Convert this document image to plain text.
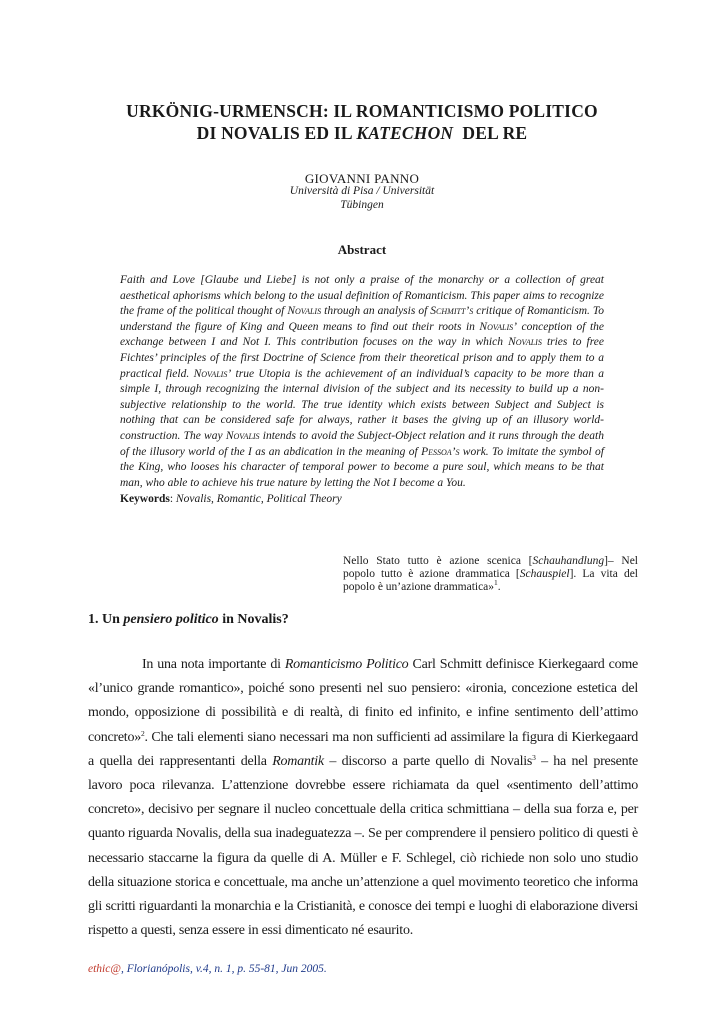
URKÖNIG-URMENSCH: IL ROMANTICISMO POLITICO
DI NOVALIS ED IL KATECHON  DEL RE
GIOVANNI PANNO
Università di Pisa / Universität
Tübingen
Abstract
Faith and Love [Glaube und Liebe] is not only a praise of the monarchy or a collection of great aesthetical aphorisms which belong to the usual definition of Romanticism. This paper aims to recognize the frame of the political thought of Novalis through an analysis of Schmitt’s critique of Romanticism. To understand the figure of King and Queen means to find out their roots in Novalis’ conception of the exchange between I and Not I. This contribution focuses on the way in which Novalis tries to free Fichtes’ principles of the first Doctrine of Science from their theoretical prison and to apply them to a practical field. Novalis’ true Utopia is the achievement of an individual’s capacity to be more than a simple I, through recognizing the internal division of the subject and its necessity to build up a non-subjective relationship to the world. The true identity which exists between Subject and Subject is nothing that can be considered safe for always, rather it bases the giving up of an illusory world-construction. The way Novalis intends to avoid the Subject-Object relation and it runs through the death of the illusory world of the I as an abdication in the meaning of Pessoa’s work. To imitate the symbol of the King, who looses his character of temporal power to become a pure soul, which means to be that man, who able to achieve his true nature by letting the Not I become a You.
Keywords: Novalis, Romantic, Political Theory
Nello Stato tutto è azione scenica [Schauhandlung]– Nel popolo tutto è azione drammatica [Schauspiel]. La vita del popolo è un’azione drammatica»$^1$.
1. Un pensiero politico in Novalis?
In una nota importante di Romanticismo Politico Carl Schmitt definisce Kierkegaard come «l’unico grande romantico», poiché sono presenti nel suo pensiero: «ironia, concezione estetica del mondo, opposizione di possibilità e di realtà, di finito ed infinito, e infine sentimento dell’attimo concreto»$^2$. Che tali elementi siano necessari ma non sufficienti ad assimilare la figura di Kierkegaard a quella dei rappresentanti della Romantik – discorso a parte quello di Novalis$^3$ – ha nel presente lavoro poca rilevanza. L’attenzione dovrebbe essere richiamata da quel «sentimento dell’attimo concreto», decisivo per segnare il nucleo concettuale della critica schmittiana – della sua forza e, per quanto riguarda Novalis, della sua inadeguatezza –. Se per comprendere il pensiero politico di questi è necessario staccarne la figura da quelle di A. Müller e F. Schlegel, ciò richiede non solo uno studio della situazione storica e concettuale, ma anche un’attenzione a quel movimento teoretico che informa gli scritti riguardanti la monarchia e la Cristianità, e conosce dei tempi e luoghi di elaborazione diversi rispetto a questi, senza essere in essi dimenticato né esaurito.
ethic@, Florianópolis, v.4, n. 1, p. 55-81, Jun 2005.
